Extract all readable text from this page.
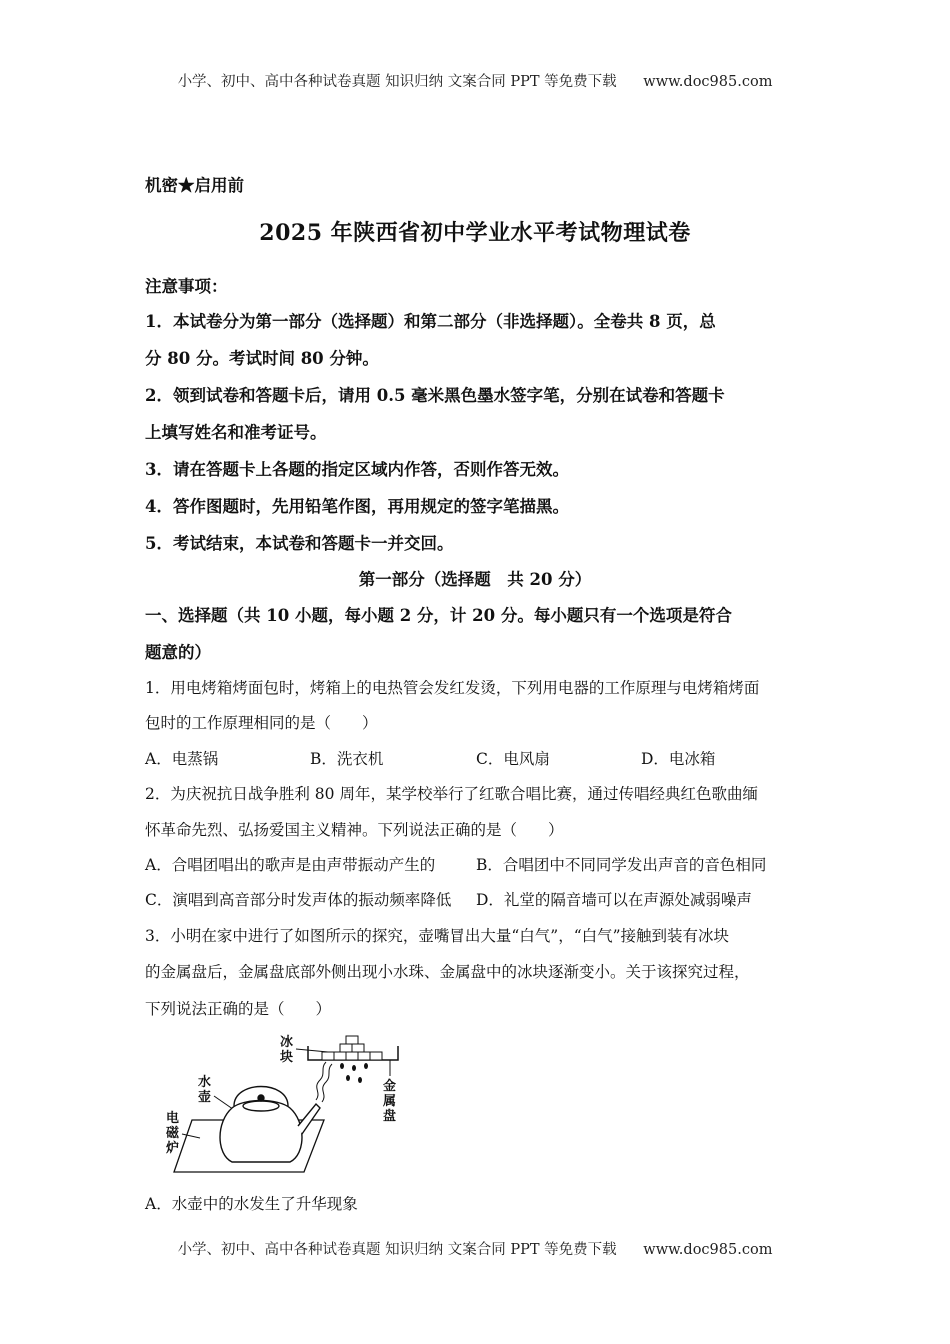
小学、初中、高中各种试卷真题 知识归纳 文案合同 PPT 等免费下载 www.doc985.com
机密★启用前
2025 年陕西省初中学业水平考试物理试卷
注意事项：
1．本试卷分为第一部分（选择题）和第二部分（非选择题）。全卷共 8 页，总
分 80 分。考试时间 80 分钟。
2．领到试卷和答题卡后，请用 0.5 毫米黑色墨水签字笔，分别在试卷和答题卡
上填写姓名和准考证号。
3．请在答题卡上各题的指定区域内作答，否则作答无效。
4．答作图题时，先用铅笔作图，再用规定的签字笔描黑。
5．考试结束，本试卷和答题卡一并交回。
第一部分（选择题　共 20 分）
一、选择题（共 10 小题，每小题 2 分，计 20 分。每小题只有一个选项是符合
题意的）
1．用电烤箱烤面包时，烤箱上的电热管会发红发烫，下列用电器的工作原理与电烤箱烤面
包时的工作原理相同的是（　　）
A．电蒸锅	B．洗衣机	C．电风扇	D．电冰箱
2．为庆祝抗日战争胜利 80 周年，某学校举行了红歌合唱比赛，通过传唱经典红色歌曲缅
怀革命先烈、弘扬爱国主义精神。下列说法正确的是（　　）
A．合唱团唱出的歌声是由声带振动产生的	B．合唱团中不同同学发出声音的音色相同
C．演唱到高音部分时发声体的振动频率降低 D．礼堂的隔音墙可以在声源处减弱噪声
3．小明在家中进行了如图所示的探究，壶嘴冒出大量“白气”，“白气”接触到装有冰块
的金属盘后，金属盘底部外侧出现小水珠、金属盘中的冰块逐渐变小。关于该探究过程，
下列说法正确的是（　　）
冰
块
金
属
盘
电
磁
炉
水
壶
A．水壶中的水发生了升华现象
小学、初中、高中各种试卷真题 知识归纳 文案合同 PPT 等免费下载 www.doc985.com
